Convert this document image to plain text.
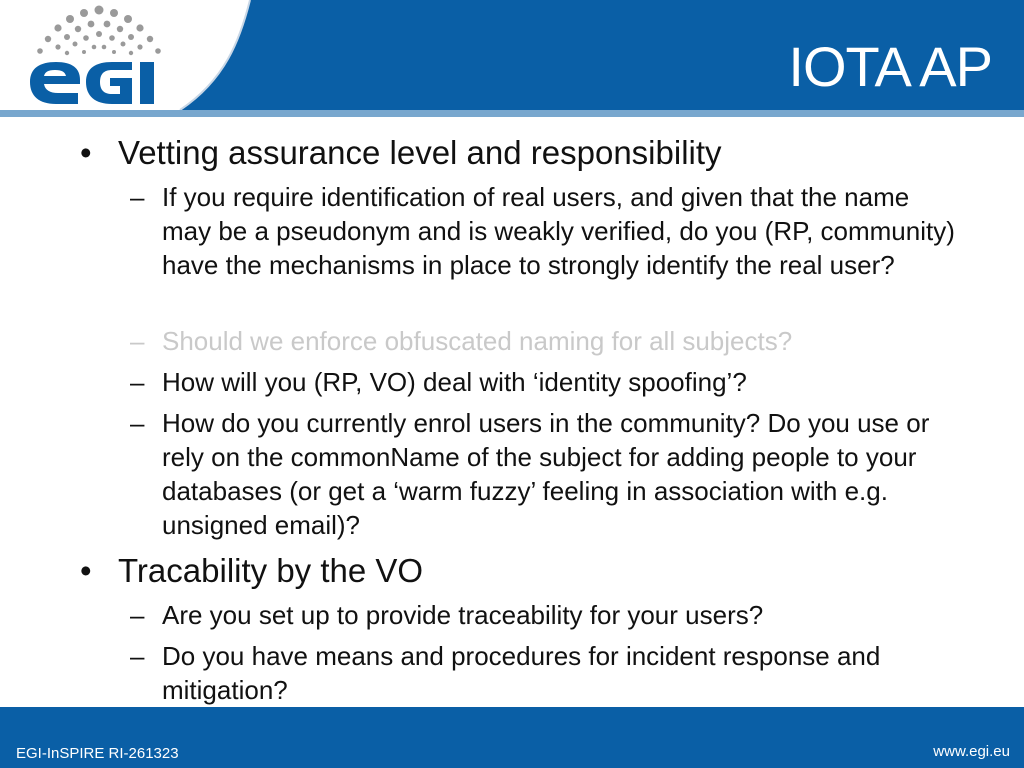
IOTA AP
• Vetting assurance level and responsibility
– If you require identification of real users, and given that the name may be a pseudonym and is weakly verified, do you (RP, community) have the mechanisms in place to strongly identify the real user?
– Should we enforce obfuscated naming for all subjects?
– How will you (RP, VO) deal with ‘identity spoofing’?
– How do you currently enrol users in the community? Do you use or rely on the commonName of the subject for adding people to your databases (or get a ‘warm fuzzy’ feeling in association with e.g. unsigned email)?
• Tracability by the VO
– Are you set up to provide traceability for your users?
– Do you have means and procedures for incident response and mitigation?
EGI-InSPIRE RI-261323	www.egi.eu
